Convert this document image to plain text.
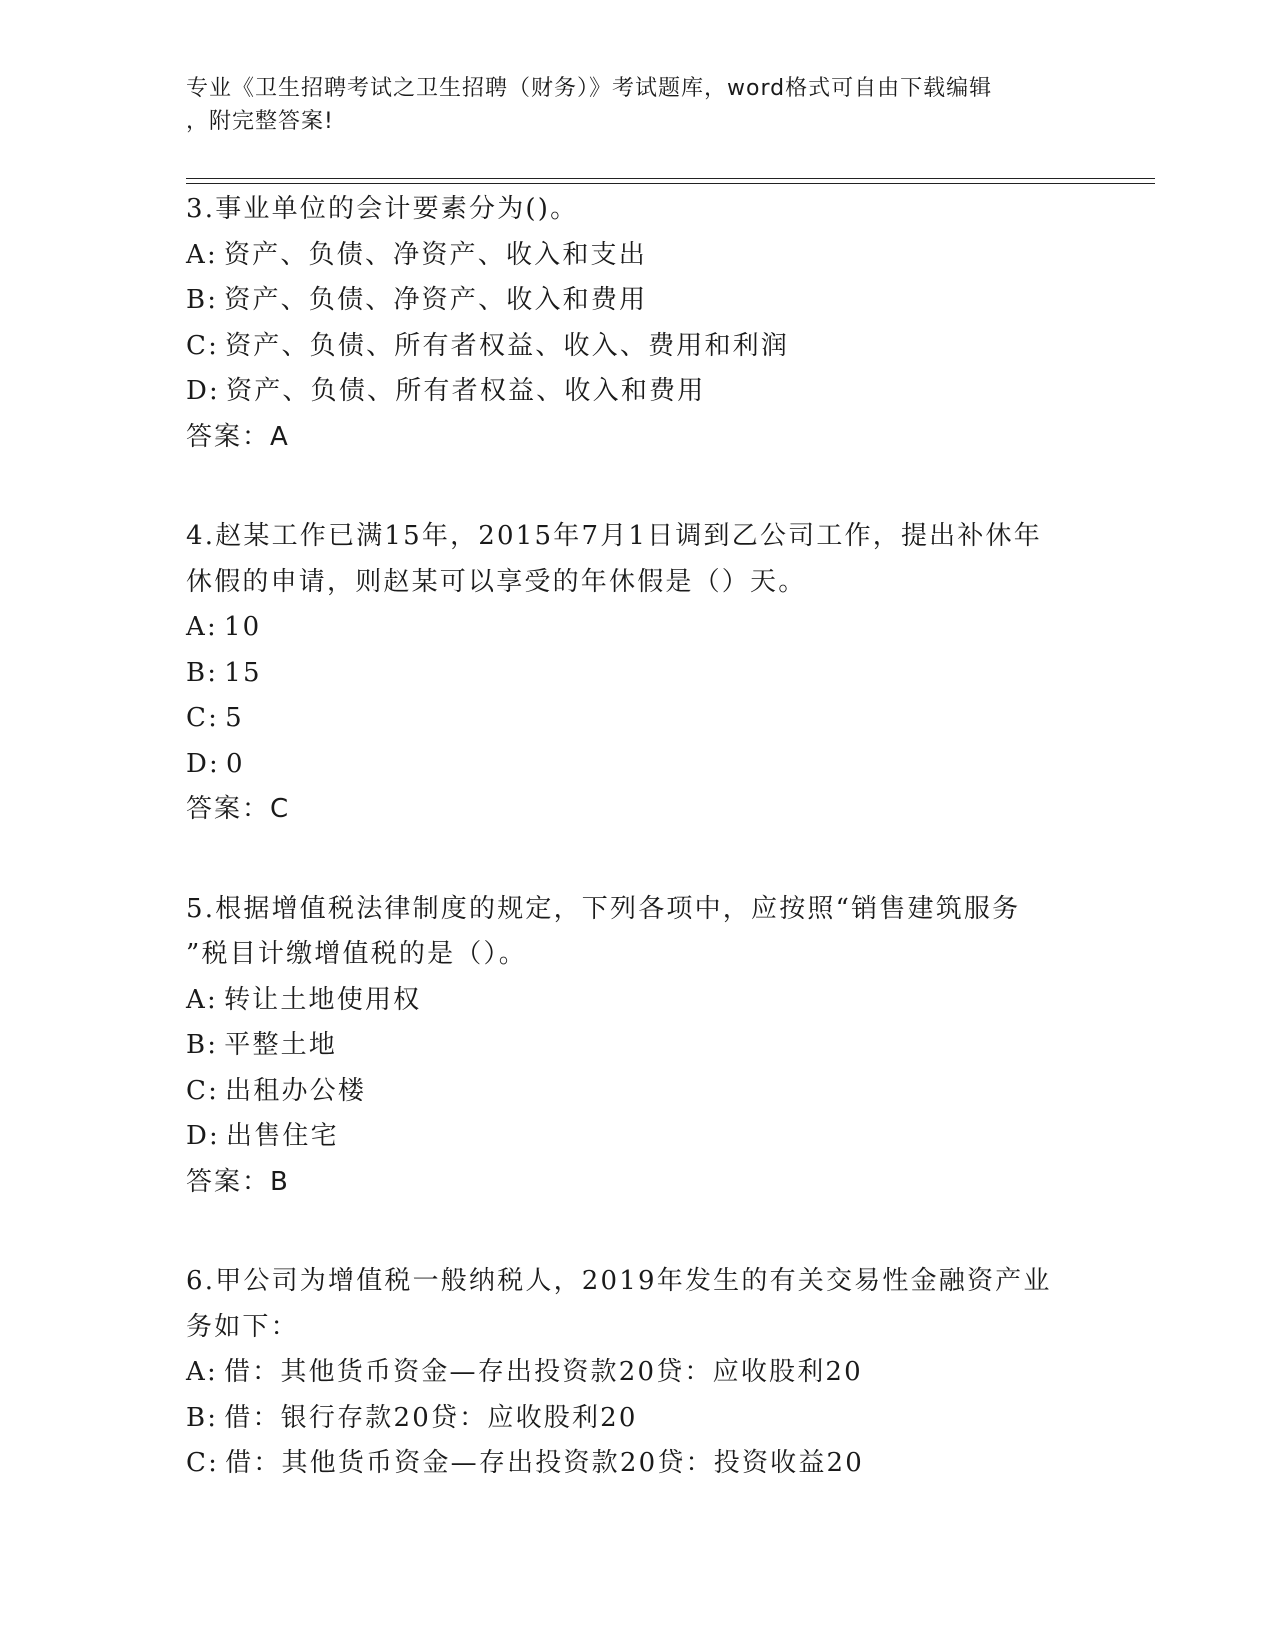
专业《卫生招聘考试之卫生招聘（财务）》考试题库，word格式可自由下载编辑
，附完整答案!
3.事业单位的会计要素分为()。
A: 资产、负债、净资产、收入和支出
B: 资产、负债、净资产、收入和费用
C: 资产、负债、所有者权益、收入、费用和利润
D: 资产、负债、所有者权益、收入和费用
答案：A
4.赵某工作已满15年，2015年7月1日调到乙公司工作，提出补休年
休假的申请，则赵某可以享受的年休假是（）天。
A: 10
B: 15
C: 5
D: 0
答案：C
5.根据增值税法律制度的规定，下列各项中，应按照“销售建筑服务
”税目计缴增值税的是（）。
A: 转让土地使用权
B: 平整土地
C: 出租办公楼
D: 出售住宅
答案：B
6.甲公司为增值税一般纳税人，2019年发生的有关交易性金融资产业
务如下：
A: 借：其他货币资金—存出投资款20贷：应收股利20
B: 借：银行存款20贷：应收股利20
C: 借：其他货币资金—存出投资款20贷：投资收益20
